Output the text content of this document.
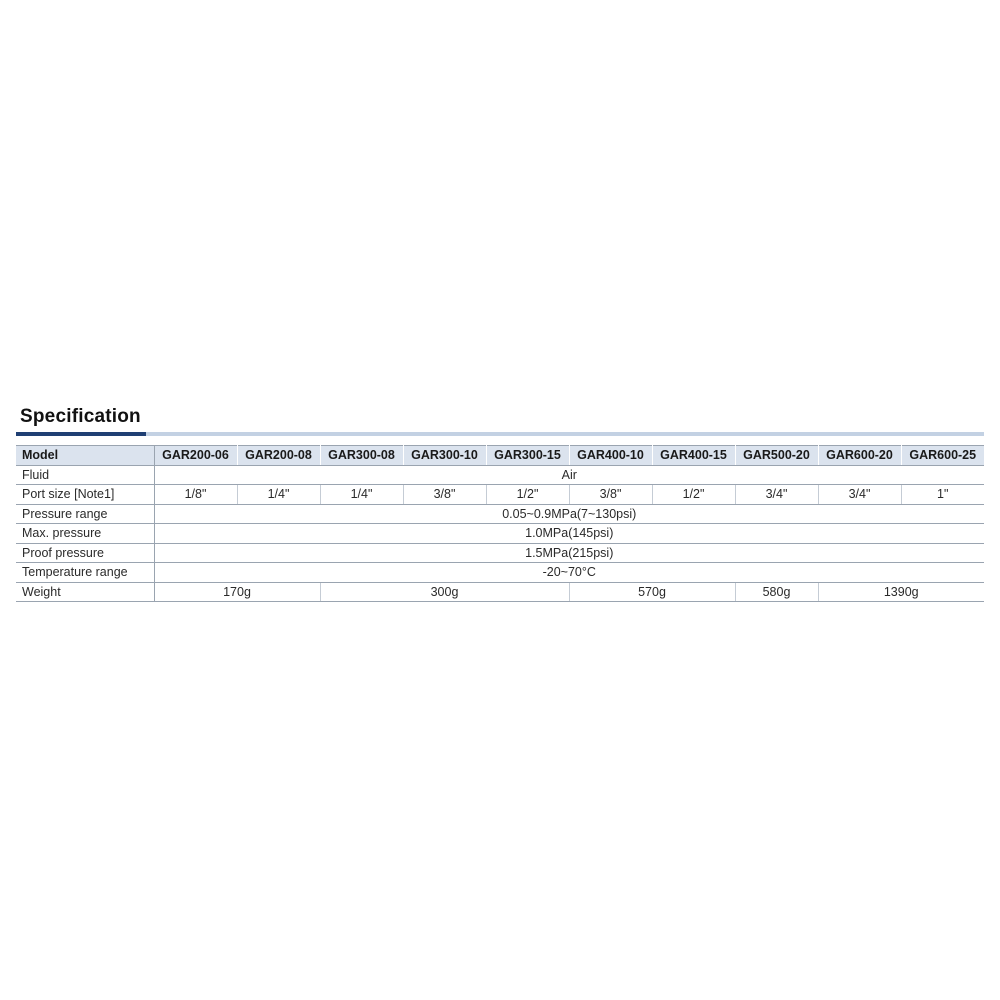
Specification
Model	GAR200-06	GAR200-08	GAR300-08	GAR300-10	GAR300-15	GAR400-10	GAR400-15	GAR500-20	GAR600-20	GAR600-25
Fluid	Air									
Port size [Note1]	1/8"	1/4"	1/4"	3/8"	1/2"	3/8"	1/2"	3/4"	3/4"	1"
Pressure range	0.05~0.9MPa(7~130psi)									
Max. pressure	1.0MPa(145psi)									
Proof pressure	1.5MPa(215psi)									
Temperature range	-20~70°C									
Weight	170g		300g			570g		580g	1390g	
